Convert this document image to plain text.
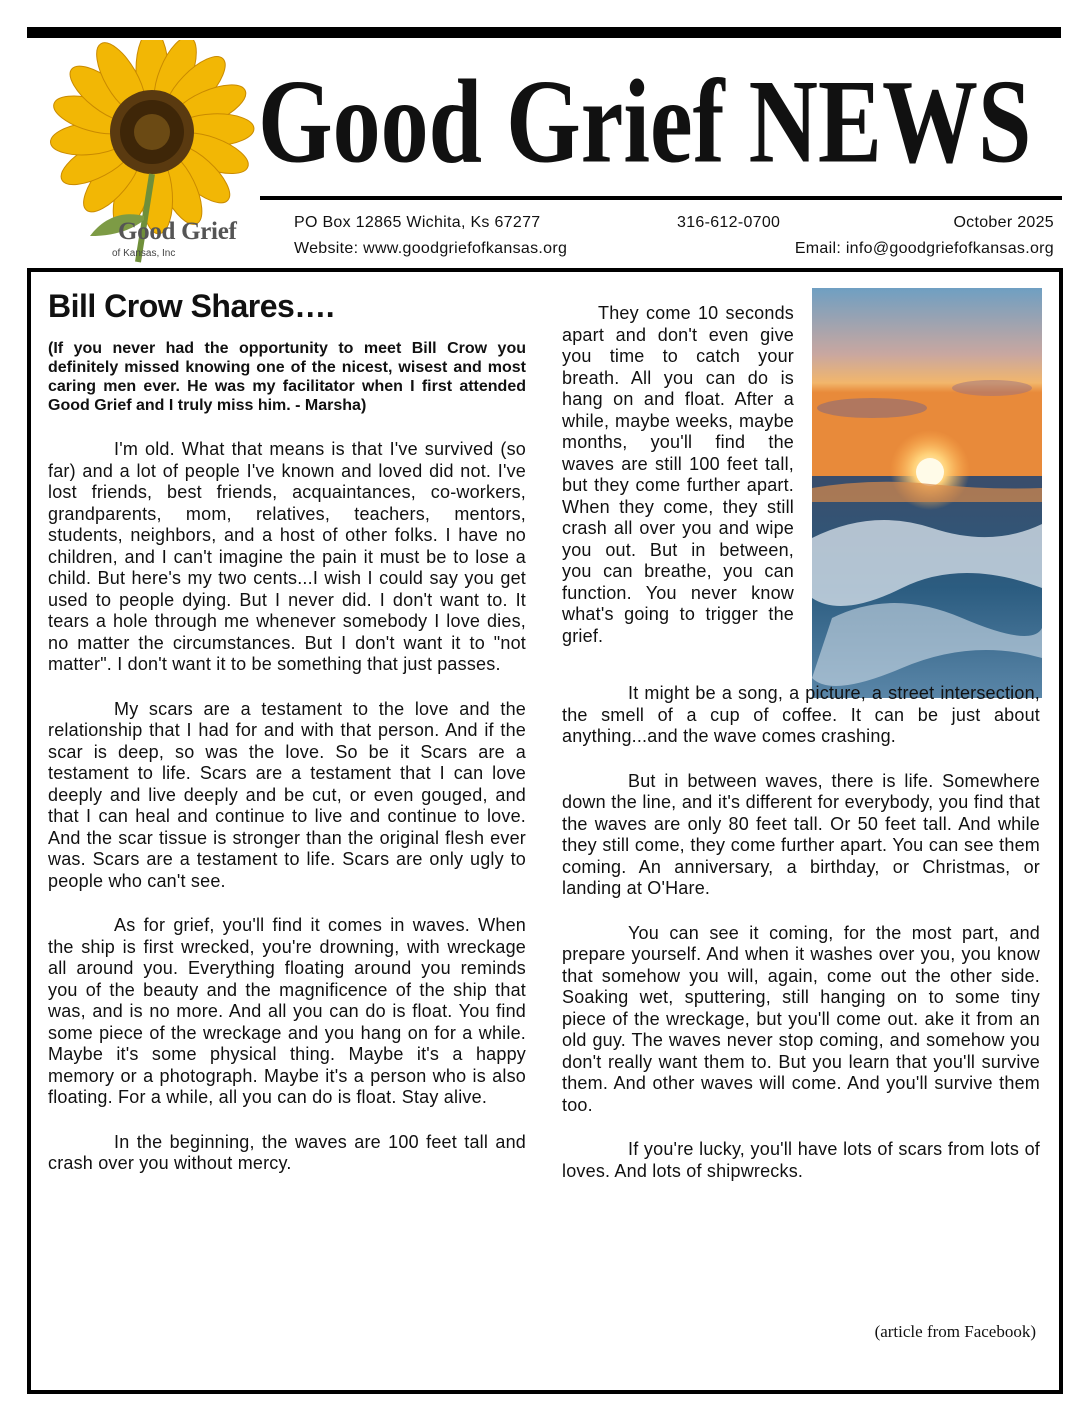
Good Grief
of Kansas, Inc
Good Grief NEWS
PO Box 12865 Wichita, Ks 67277	316-612-0700	October 2025
Website: www.goodgriefofkansas.org	Email: info@goodgriefofkansas.org
Bill Crow Shares….
(If you never had the opportunity to meet Bill Crow you definitely missed knowing one of the nicest, wisest and most caring men ever. He was my facilitator when I first attended Good Grief and I truly miss him. - Marsha)

I'm old. What that means is that I've survived (so far) and a lot of people I've known and loved did not. I've lost friends, best friends, acquaintances, co-workers, grandparents, mom, relatives, teachers, mentors, students, neighbors, and a host of other folks. I have no children, and I can't imagine the pain it must be to lose a child. But here's my two cents...I wish I could say you get used to people dying. But I never did. I don't want to. It tears a hole through me whenever somebody I love dies, no matter the circumstances. But I don't want it to "not matter". I don't want it to be something that just passes.

My scars are a testament to the love and the relationship that I had for and with that person. And if the scar is deep, so was the love. So be it Scars are a testament to life. Scars are a testament that I can love deeply and live deeply and be cut, or even gouged, and that I can heal and continue to live and continue to love. And the scar tissue is stronger than the original flesh ever was. Scars are a testament to life. Scars are only ugly to people who can't see.

As for grief, you'll find it comes in waves. When the ship is first wrecked, you're drowning, with wreckage all around you. Everything floating around you reminds you of the beauty and the magnificence of the ship that was, and is no more. And all you can do is float. You find some piece of the wreckage and you hang on for a while. Maybe it's some physical thing. Maybe it's a happy memory or a photograph. Maybe it's a person who is also floating. For a while, all you can do is float. Stay alive.

In the beginning, the waves are 100 feet tall and crash over you without mercy.

They come 10 seconds apart and don't even give you time to catch your breath. All you can do is hang on and float. After a while, maybe weeks, maybe months, you'll find the waves are still 100 feet tall, but they come further apart. When they come, they still crash all over you and wipe you out. But in between, you can breathe, you can function. You never know what's going to trigger the grief.

It might be a song, a picture, a street intersection, the smell of a cup of coffee. It can be just about anything...and the wave comes crashing.

But in between waves, there is life. Somewhere down the line, and it's different for everybody, you find that the waves are only 80 feet tall. Or 50 feet tall. And while they still come, they come further apart. You can see them coming. An anniversary, a birthday, or Christmas, or landing at O'Hare.

You can see it coming, for the most part, and prepare yourself. And when it washes over you, you know that somehow you will, again, come out the other side. Soaking wet, sputtering, still hanging on to some tiny piece of the wreckage, but you'll come out. ake it from an old guy. The waves never stop coming, and somehow you don't really want them to. But you learn that you'll survive them. And other waves will come. And you'll survive them too.

If you're lucky, you'll have lots of scars from lots of loves. And lots of shipwrecks.

(article from Facebook)
